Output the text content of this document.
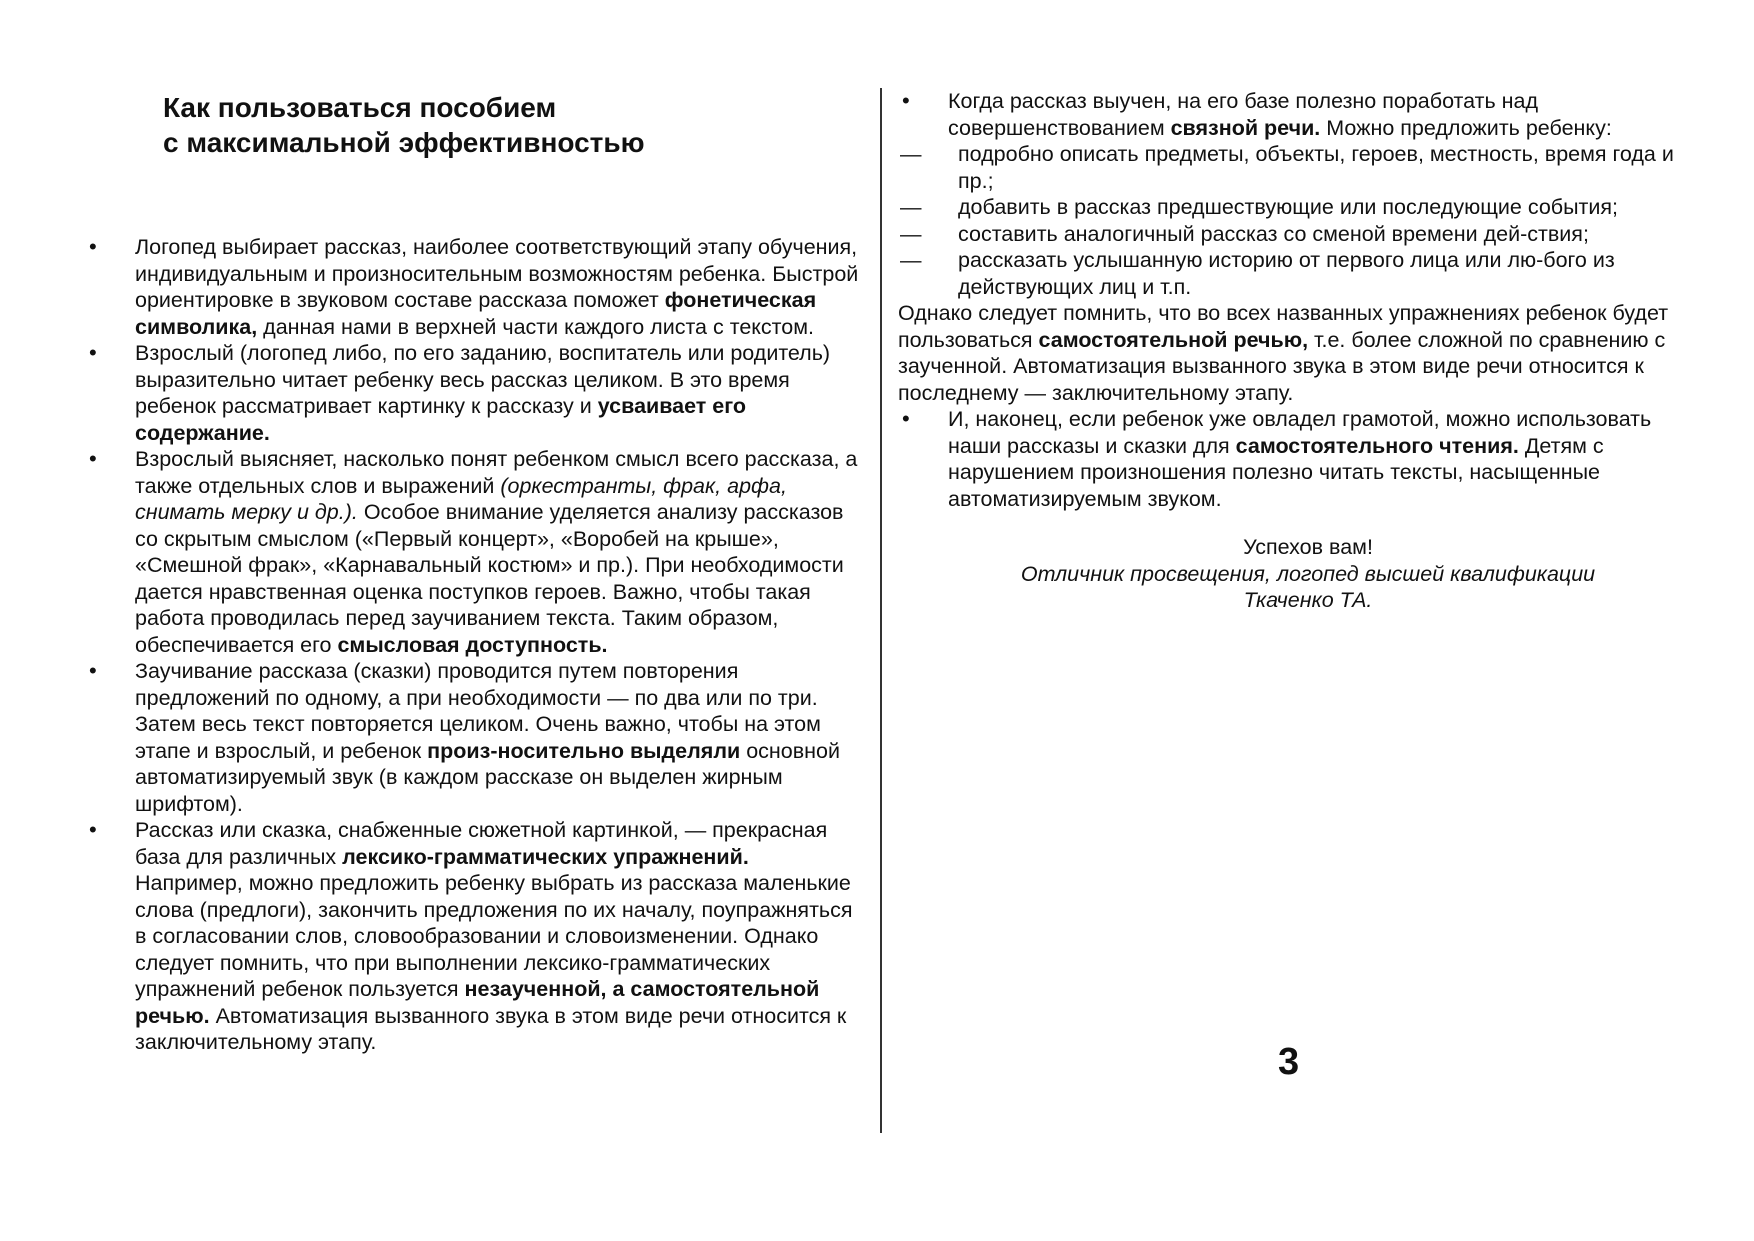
Как пользоваться пособием
с максимальной эффективностью
• Логопед выбирает рассказ, наиболее соответствующий этапу обучения, индивидуальным и произносительным возможностям ребенка. Быстрой ориентировке в звуковом составе рассказа поможет фонетическая символика, данная нами в верхней части каждого листа с текстом.
• Взрослый (логопед либо, по его заданию, воспитатель или родитель) выразительно читает ребенку весь рассказ целиком. В это время ребенок рассматривает картинку к рассказу и усваивает его содержание.
• Взрослый выясняет, насколько понят ребенком смысл всего рассказа, а также отдельных слов и выражений (оркестранты, фрак, арфа, снимать мерку и др.). Особое внимание уделяется анализу рассказов со скрытым смыслом («Первый концерт», «Воробей на крыше», «Смешной фрак», «Карнавальный костюм» и пр.). При необходимости дается нравственная оценка поступков героев. Важно, чтобы такая работа проводилась перед заучиванием текста. Таким образом, обеспечивается его смысловая доступность.
• Заучивание рассказа (сказки) проводится путем повторения предложений по одному, а при необходимости — по два или по три. Затем весь текст повторяется целиком. Очень важно, чтобы на этом этапе и взрослый, и ребенок произ-носительно выделяли основной автоматизируемый звук (в каждом рассказе он выделен жирным шрифтом).
• Рассказ или сказка, снабженные сюжетной картинкой, — прекрасная база для различных лексико-грамматических упражнений. Например, можно предложить ребенку выбрать из рассказа маленькие слова (предлоги), закончить предложения по их началу, поупражняться в согласовании слов, словообразовании и словоизменении. Однако следует помнить, что при выполнении лексико-грамматических упражнений ребенок пользуется незаученной, а самостоятельной речью. Автоматизация вызванного звука в этом виде речи относится к заключительному этапу.
• Когда рассказ выучен, на его базе полезно поработать над совершенствованием связной речи. Можно предложить ребенку:
— подробно описать предметы, объекты, героев, местность, время года и пр.;
— добавить в рассказ предшествующие или последующие события;
— составить аналогичный рассказ со сменой времени дей-ствия;
— рассказать услышанную историю от первого лица или лю-бого из действующих лиц и т.п.

Однако следует помнить, что во всех названных упражнениях ребенок будет пользоваться самостоятельной речью, т.е. более сложной по сравнению с заученной. Автоматизация вызванного звука в этом виде речи относится к последнему — заключительному этапу.

• И, наконец, если ребенок уже овладел грамотой, можно использовать наши рассказы и сказки для самостоятельного чтения. Детям с нарушением произношения полезно читать тексты, насыщенные автоматизируемым звуком.
Успехов вам!
Отличник просвещения, логопед высшей квалификации
Ткаченко ТА.
3
